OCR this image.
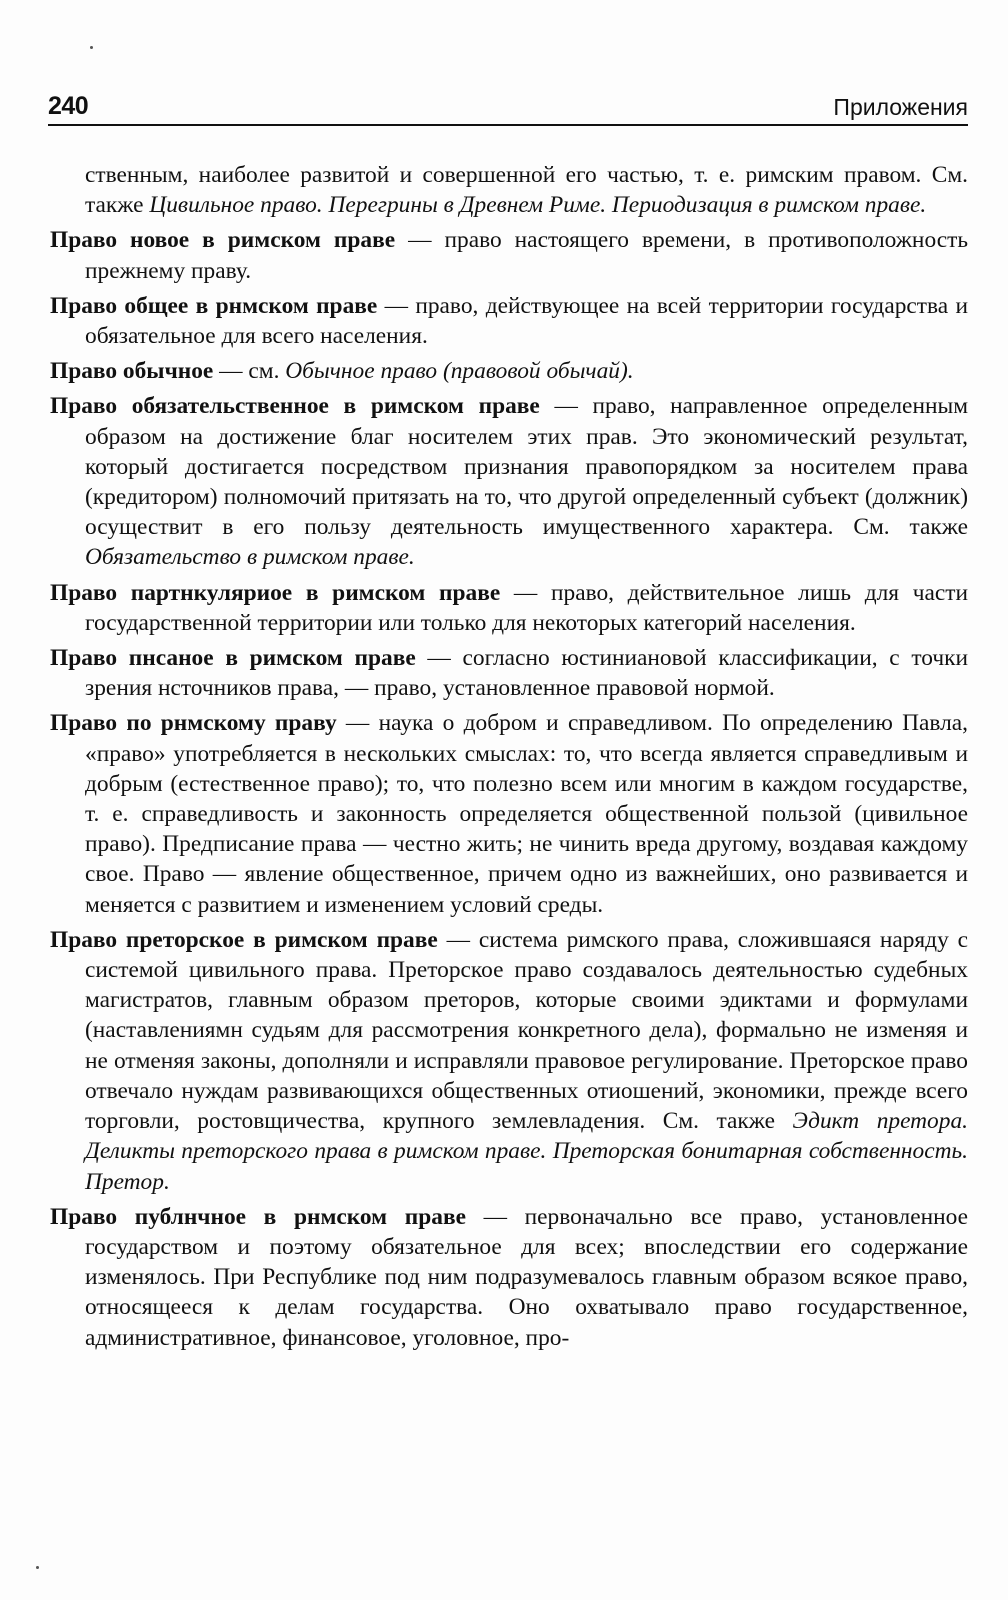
240	Приложения

ственным, наиболее развитой и совершенной его частью, т. е. римским правом. См. также Цивильное право. Перегрины в Древнем Риме. Периодизация в римском праве.

Право новое в римском праве — право настоящего времени, в противоположность прежнему праву.

Право общее в рнмском праве — право, действующее на всей территории государства и обязательное для всего населения.

Право обычное — см. Обычное право (правовой обычай).

Право обязательственное в римском праве — право, направленное определенным образом на достижение благ носителем этих прав. Это экономический результат, который достигается посредством признания правопорядком за носителем права (кредитором) полномочий притязать на то, что другой определенный субъект (должник) осуществит в его пользу деятельность имущественного характера. См. также Обязательство в римском праве.

Право партнкуляриое в римском праве — право, действительное лишь для части государственной территории или только для некоторых категорий населения.

Право пнсаное в римском праве — согласно юстиниановой классификации, с точки зрения нсточников права, — право, установленное правовой нормой.

Право по рнмскому праву — наука о добром и справедливом. По определению Павла, «право» употребляется в нескольких смыслах: то, что всегда является справедливым и добрым (естественное право); то, что полезно всем или многим в каждом государстве, т. е. справедливость и законность определяется общественной пользой (цивильное право). Предписание права — честно жить; не чинить вреда другому, воздавая каждому свое. Право — явление общественное, причем одно из важнейших, оно развивается и меняется с развитием и изменением условий среды.

Право преторское в римском праве — система римского права, сложившаяся наряду с системой цивильного права. Преторское право создавалось деятельностью судебных магистратов, главным образом преторов, которые своими эдиктами и формулами (наставлениямн судьям для рассмотрения конкретного дела), формально не изменяя и не отменяя законы, дополняли и исправляли правовое регулирование. Преторское право отвечало нуждам развивающихся общественных отиошений, экономики, прежде всего торговли, ростовщичества, крупного землевладения. См. также Эдикт претора. Деликты преторского права в римском праве. Преторская бонитарная собственность. Претор.

Право публнчное в рнмском праве — первоначально все право, установленное государством и поэтому обязательное для всех; впоследствии его содержание изменялось. При Республике под ним подразумевалось главным образом всякое право, относящееся к делам государства. Оно охватывало право государственное, административное, финансовое, уголовное, про-
